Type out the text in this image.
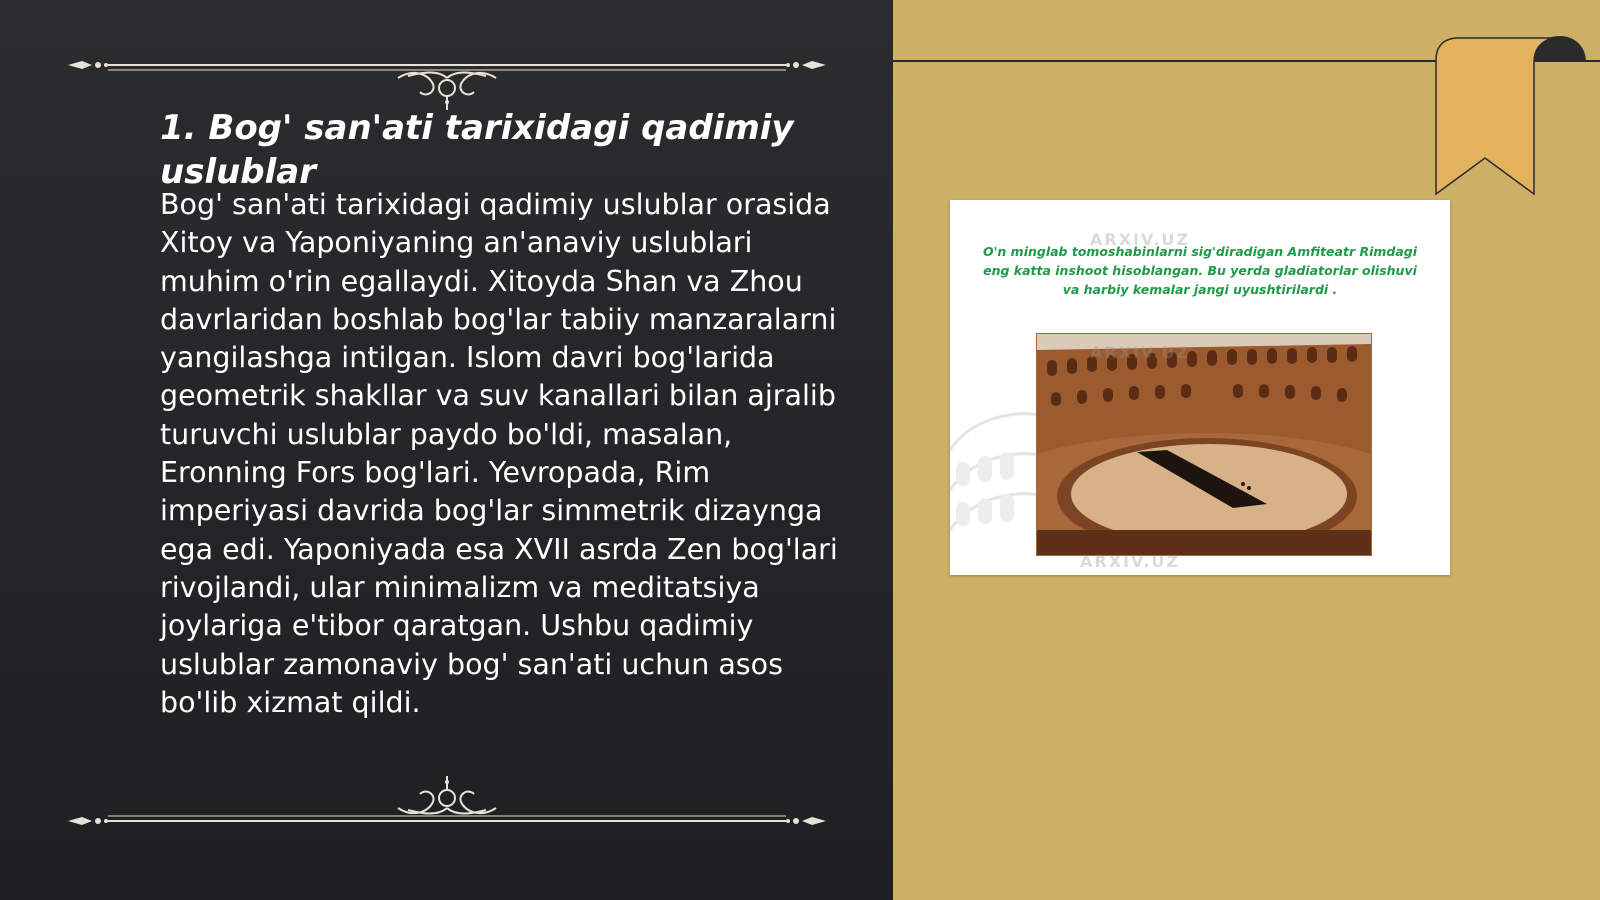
1. Bog' san'ati tarixidagi qadimiy uslublar

Bog' san'ati tarixidagi qadimiy uslublar orasida Xitoy va Yaponiyaning an'anaviy uslublari muhim o'rin egallaydi. Xitoyda Shan va Zhou davrlaridan boshlab bog'lar tabiiy manzaralarni yangilashga intilgan. Islom davri bog'larida geometrik shakllar va suv kanallari bilan ajralib turuvchi uslublar paydo bo'ldi, masalan, Eronning Fors bog'lari. Yevropada, Rim imperiyasi davrida bog'lar simmetrik dizaynga ega edi. Yaponiyada esa XVII asrda Zen bog'lari rivojlandi, ular minimalizm va meditatsiya joylariga e'tibor qaratgan. Ushbu qadimiy uslublar zamonaviy bog' san'ati uchun asos bo'lib xizmat qildi.

O'n minglab tomoshabinlarni sig'diradigan Amfiteatr Rimdagi eng katta inshoot hisoblangan. Bu yerda gladiatorlar olishuvi va harbiy kemalar jangi uyushtirilardi .

ARXIV.UZ
ARXIV.UZ
ARXIV.UZ
